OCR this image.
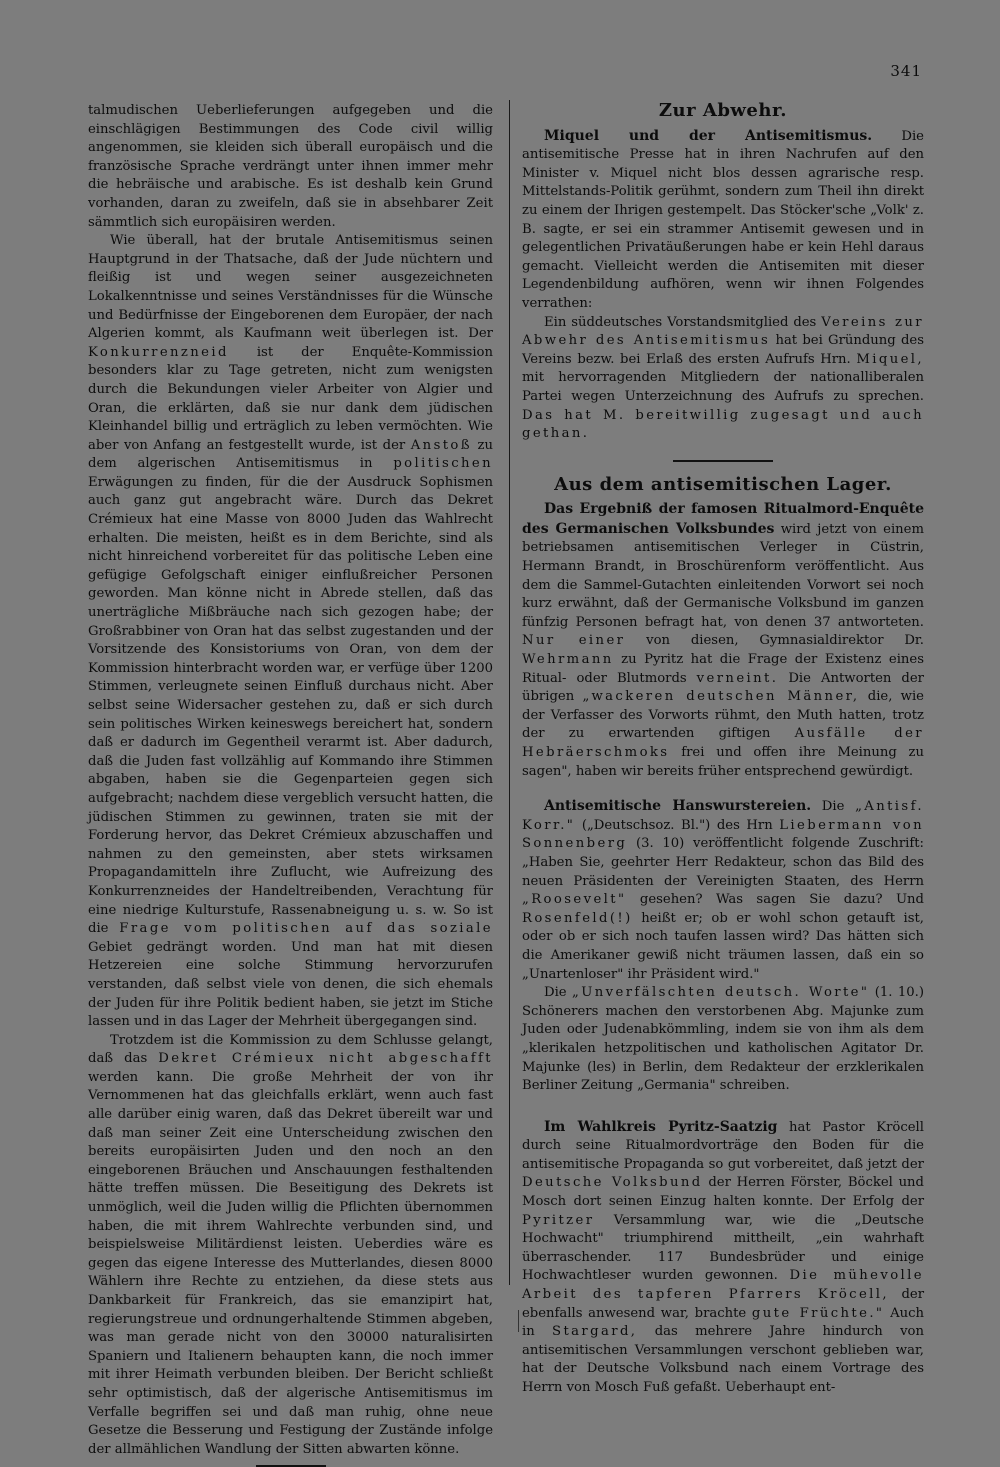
341

talmudischen Ueberlieferungen aufgegeben und die einschlägigen Bestimmungen des Code civil willig angenommen, sie kleiden sich überall europäisch und die französische Sprache verdrängt unter ihnen immer mehr die hebräische und arabische. Es ist deshalb kein Grund vorhanden, daran zu zweifeln, daß sie in absehbarer Zeit sämmtlich sich europäisiren werden.

Wie überall, hat der brutale Antisemitismus seinen Hauptgrund in der Thatsache, daß der Jude nüchtern und fleißig ist und wegen seiner ausgezeichneten Lokalkenntnisse und seines Verständnisses für die Wünsche und Bedürfnisse der Eingeborenen dem Europäer, der nach Algerien kommt, als Kaufmann weit überlegen ist. Der Konkurrenzneid ist der Enquête-Kommission besonders klar zu Tage getreten, nicht zum wenigsten durch die Bekundungen vieler Arbeiter von Algier und Oran, die erklärten, daß sie nur dank dem jüdischen Kleinhandel billig und erträglich zu leben vermöchten. Wie aber von Anfang an festgestellt wurde, ist der Anstoß zu dem algerischen Antisemitismus in politischen Erwägungen zu finden, für die der Ausdruck Sophismen auch ganz gut angebracht wäre. Durch das Dekret Crémieux hat eine Masse von 8000 Juden das Wahlrecht erhalten. Die meisten, heißt es in dem Berichte, sind als nicht hinreichend vorbereitet für das politische Leben eine gefügige Gefolgschaft einiger einflußreicher Personen geworden. Man könne nicht in Abrede stellen, daß das unerträgliche Mißbräuche nach sich gezogen habe; der Großrabbiner von Oran hat das selbst zugestanden und der Vorsitzende des Konsistoriums von Oran, von dem der Kommission hinterbracht worden war, er verfüge über 1200 Stimmen, verleugnete seinen Einfluß durchaus nicht. Aber selbst seine Widersacher gestehen zu, daß er sich durch sein politisches Wirken keineswegs bereichert hat, sondern daß er dadurch im Gegentheil verarmt ist. Aber dadurch, daß die Juden fast vollzählig auf Kommando ihre Stimmen abgaben, haben sie die Gegenparteien gegen sich aufgebracht; nachdem diese vergeblich versucht hatten, die jüdischen Stimmen zu gewinnen, traten sie mit der Forderung hervor, das Dekret Crémieux abzuschaffen und nahmen zu den gemeinsten, aber stets wirksamen Propagandamitteln ihre Zuflucht, wie Aufreizung des Konkurrenzneides der Handeltreibenden, Verachtung für eine niedrige Kulturstufe, Rassenabneigung u. s. w. So ist die Frage vom politischen auf das soziale Gebiet gedrängt worden. Und man hat mit diesen Hetzereien eine solche Stimmung hervorzurufen verstanden, daß selbst viele von denen, die sich ehemals der Juden für ihre Politik bedient haben, sie jetzt im Stiche lassen und in das Lager der Mehrheit übergegangen sind.

Trotzdem ist die Kommission zu dem Schlusse gelangt, daß das Dekret Crémieux nicht abgeschafft werden kann. Die große Mehrheit der von ihr Vernommenen hat das gleichfalls erklärt, wenn auch fast alle darüber einig waren, daß das Dekret übereilt war und daß man seiner Zeit eine Unterscheidung zwischen den bereits europäisirten Juden und den noch an den eingeborenen Bräuchen und Anschauungen festhaltenden hätte treffen müssen. Die Beseitigung des Dekrets ist unmöglich, weil die Juden willig die Pflichten übernommen haben, die mit ihrem Wahlrechte verbunden sind, und beispielsweise Militärdienst leisten. Ueberdies wäre es gegen das eigene Interesse des Mutterlandes, diesen 8000 Wählern ihre Rechte zu entziehen, da diese stets aus Dankbarkeit für Frankreich, das sie emanzipirt hat, regierungstreue und ordnungerhaltende Stimmen abgeben, was man gerade nicht von den 30000 naturalisirten Spaniern und Italienern behaupten kann, die noch immer mit ihrer Heimath verbunden bleiben. Der Bericht schließt sehr optimistisch, daß der algerische Antisemitismus im Verfalle begriffen sei und daß man ruhig, ohne neue Gesetze die Besserung und Festigung der Zustände infolge der allmählichen Wandlung der Sitten abwarten könne.

Zur Abwehr.

Miquel und der Antisemitismus. Die antisemitische Presse hat in ihren Nachrufen auf den Minister v. Miquel nicht blos dessen agrarische resp. Mittelstands-Politik gerühmt, sondern zum Theil ihn direkt zu einem der Ihrigen gestempelt. Das Stöcker'sche „Volk' z. B. sagte, er sei ein strammer Antisemit gewesen und in gelegentlichen Privatäußerungen habe er kein Hehl daraus gemacht. Vielleicht werden die Antisemiten mit dieser Legendenbildung aufhören, wenn wir ihnen Folgendes verrathen:

Ein süddeutsches Vorstandsmitglied des Vereins zur Abwehr des Antisemitismus hat bei Gründung des Vereins bezw. bei Erlaß des ersten Aufrufs Hrn. Miquel, mit hervorragenden Mitgliedern der nationalliberalen Partei wegen Unterzeichnung des Aufrufs zu sprechen. Das hat M. bereitwillig zugesagt und auch gethan.

Aus dem antisemitischen Lager.

Das Ergebniß der famosen Ritualmord-Enquête des Germanischen Volksbundes wird jetzt von einem betriebsamen antisemitischen Verleger in Cüstrin, Hermann Brandt, in Broschürenform veröffentlicht. Aus dem die Sammel-Gutachten einleitenden Vorwort sei noch kurz erwähnt, daß der Germanische Volksbund im ganzen fünfzig Personen befragt hat, von denen 37 antworteten. Nur einer von diesen, Gymnasialdirektor Dr. Wehrmann zu Pyritz hat die Frage der Existenz eines Ritual- oder Blutmords verneint. Die Antworten der übrigen „wackeren deutschen Männer, die, wie der Verfasser des Vorworts rühmt, den Muth hatten, trotz der zu erwartenden giftigen Ausfälle der Hebräerschmoks frei und offen ihre Meinung zu sagen", haben wir bereits früher entsprechend gewürdigt.

Antisemitische Hanswurstereien. Die „Antisf. Korr." („Deutschsoz. Bl.") des Hrn Liebermann von Sonnenberg (3. 10) veröffentlicht folgende Zuschrift: „Haben Sie, geehrter Herr Redakteur, schon das Bild des neuen Präsidenten der Vereinigten Staaten, des Herrn „Roosevelt" gesehen? Was sagen Sie dazu? Und Rosenfeld(!) heißt er; ob er wohl schon getauft ist, oder ob er sich noch taufen lassen wird? Das hätten sich die Amerikaner gewiß nicht träumen lassen, daß ein so „Unartenloser" ihr Präsident wird."

Die „Unverfälschten deutsch. Worte" (1. 10.) Schönerers machen den verstorbenen Abg. Majunke zum Juden oder Judenabkömmling, indem sie von ihm als dem „klerikalen hetzpolitischen und katholischen Agitator Dr. Majunke (les) in Berlin, dem Redakteur der erzklerikalen Berliner Zeitung „Germania" schreiben.

Im Wahlkreis Pyritz-Saatzig hat Pastor Kröcell durch seine Ritualmordvorträge den Boden für die antisemitische Propaganda so gut vorbereitet, daß jetzt der Deutsche Volksbund der Herren Förster, Böckel und Mosch dort seinen Einzug halten konnte. Der Erfolg der Pyritzer Versammlung war, wie die „Deutsche Hochwacht" triumphirend mittheilt, „ein wahrhaft überraschender. 117 Bundesbrüder und einige Hochwachtleser wurden gewonnen. Die mühevolle Arbeit des tapferen Pfarrers Kröcell, der ebenfalls anwesend war, brachte gute Früchte." Auch in Stargard, das mehrere Jahre hindurch von antisemitischen Versammlungen verschont geblieben war, hat der Deutsche Volksbund nach einem Vortrage des Herrn von Mosch Fuß gefaßt. Ueberhaupt ent-
